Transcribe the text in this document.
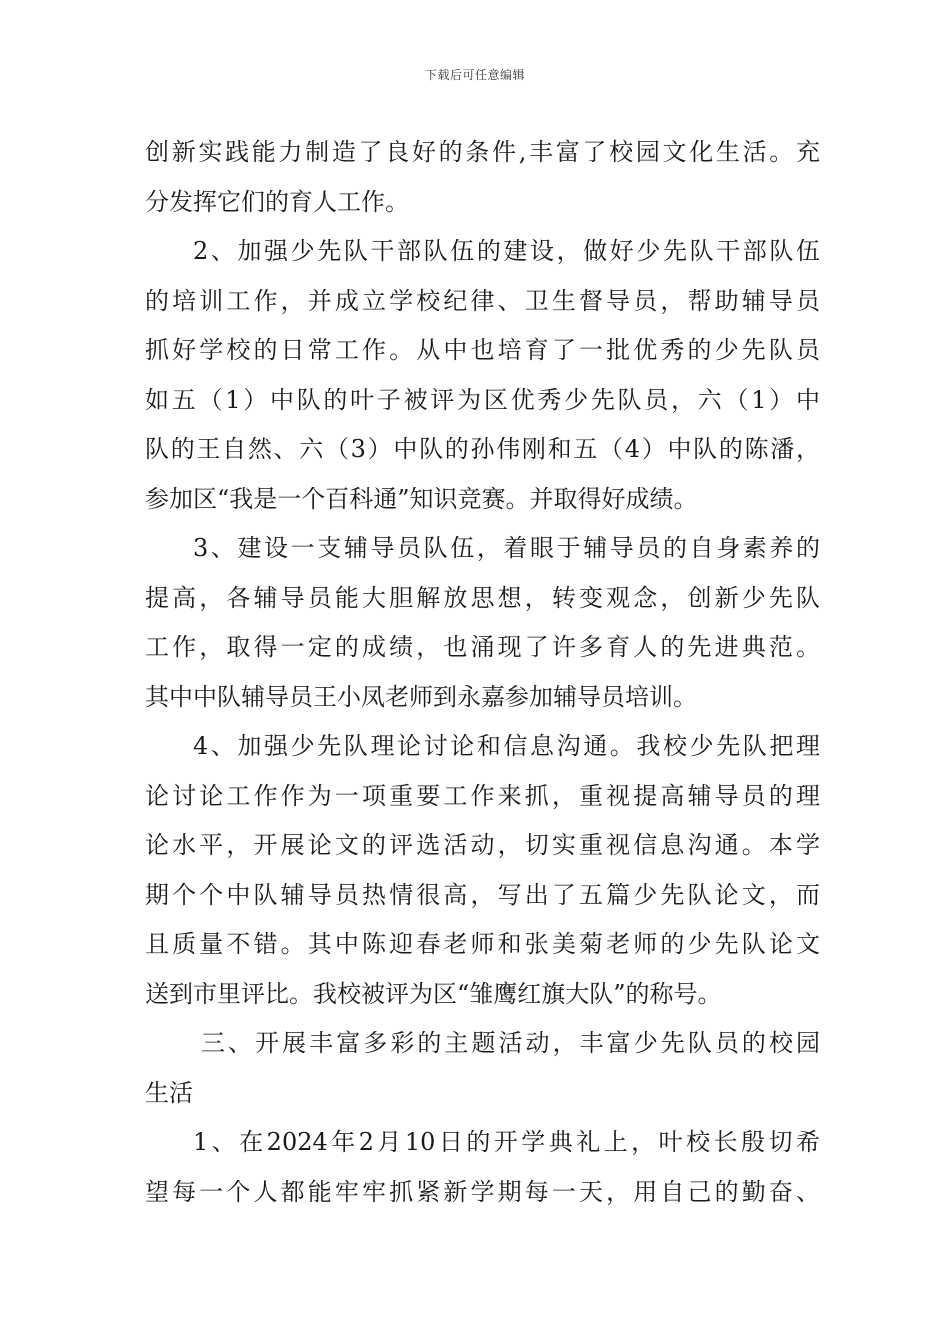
下载后可任意编辑
创新实践能力制造了良好的条件,丰富了校园文化生活。充
分发挥它们的育人工作。
2、加强少先队干部队伍的建设，做好少先队干部队伍
的培训工作，并成立学校纪律、卫生督导员，帮助辅导员
抓好学校的日常工作。从中也培育了一批优秀的少先队员
如五（1）中队的叶子被评为区优秀少先队员，六（1）中
队的王自然、六（3）中队的孙伟刚和五（4）中队的陈潘，
参加区“我是一个百科通”知识竞赛。并取得好成绩。
3、建设一支辅导员队伍，着眼于辅导员的自身素养的
提高，各辅导员能大胆解放思想，转变观念，创新少先队
工作，取得一定的成绩，也涌现了许多育人的先进典范。
其中中队辅导员王小凤老师到永嘉参加辅导员培训。
4、加强少先队理论讨论和信息沟通。我校少先队把理
论讨论工作作为一项重要工作来抓，重视提高辅导员的理
论水平，开展论文的评选活动，切实重视信息沟通。本学
期个个中队辅导员热情很高，写出了五篇少先队论文，而
且质量不错。其中陈迎春老师和张美菊老师的少先队论文
送到市里评比。我校被评为区“雏鹰红旗大队”的称号。
三、开展丰富多彩的主题活动，丰富少先队员的校园
生活
1、在2024年2月10日的开学典礼上，叶校长殷切希
望每一个人都能牢牢抓紧新学期每一天，用自己的勤奋、
